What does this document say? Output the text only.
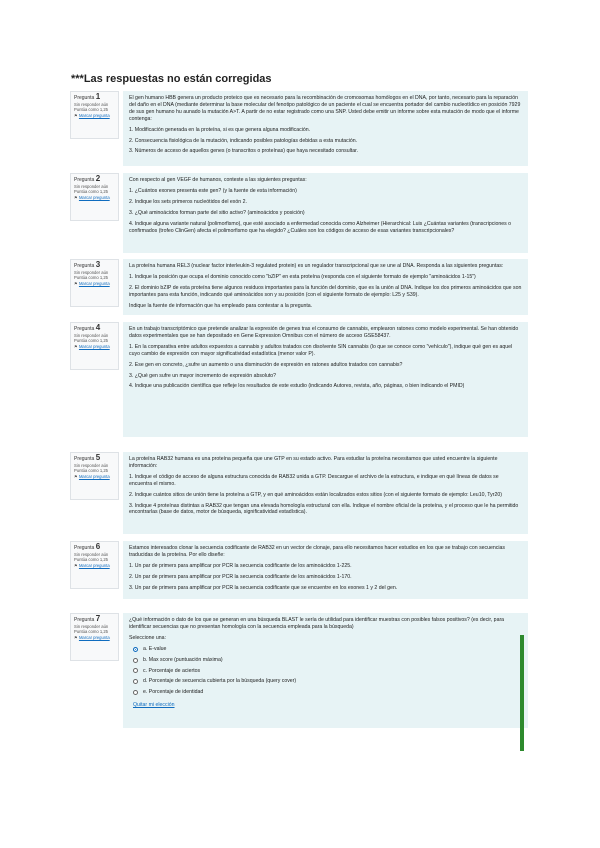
***Las respuestas no están corregidas
Pregunta 1
Sin responder aún
Puntúa como 1,25
⚑ Marcar pregunta

El gen humano HBB genera un producto proteico que es necesario para la recombinación de cromosomas homólogos en el DNA, por tanto, necesario para la reparación del daño en el DNA (mediante determinar la base molecular del fenotipo patológico de un paciente el cual se encuentra portador del cambio nucleotídico en posición 7929 de sus gen humano hu aunado la mutación A>T. A partir de no estar registrado como una SNP. Usted debe emitir un informe sobre esta mutación de modo que el informe contenga:

1. Modificación generada en la proteína, si es que genera alguna modificación.

2. Consecuencia fisiológica de la mutación, indicando posibles patologías debidas a esta mutación.

3. Números de acceso de aquellos genes (o transcritos o proteínas) que haya necesitado consultar.

Pregunta 2
Sin responder aún
Puntúa como 1,25
⚑ Marcar pregunta

Con respecto al gen VEGF de humanos, conteste a las siguientes preguntas:

1. ¿Cuántos exones presenta este gen? (y la fuente de esta información)

2. Indique los sets primeros nucleótidos del exón 2.

3. ¿Qué aminoácidos forman parte del sitio activo? (aminoácidos y posición)

4. Indique alguna variante natural (polimorfismo), que esté asociado a enfermedad conocida como Alzheimer (Hierarchical: Luis ¿Cuántas variantes (transcripciones o confirmados (trofeo ClinGen) afecta el polimorfismo que ha elegido? ¿Cuáles son los códigos de acceso de esas variantes transcripcionales?

Pregunta 3
Sin responder aún
Puntúa como 1,25
⚑ Marcar pregunta

La proteína humana REL3 (nuclear factor interleukin-3 regulated protein) es un regulador transcripcional que se une al DNA. Responda a las siguientes preguntas:

1. Indique la posición que ocupa el dominio conocido como "bZIP" en esta proteína (responda con el siguiente formato de ejemplo "aminoácidos 1-15")

2. El dominio bZIP de esta proteína tiene algunos residuos importantes para la función del dominio, que es la unión al DNA. Indique los dos primeros aminoácidos que son importantes para esta función, indicando qué aminoácidos son y su posición (con el siguiente formato de ejemplo: L25 y S39).

Indique la fuente de información que ha empleado para contestar a la pregunta.

Pregunta 4
Sin responder aún
Puntúa como 1,25
⚑ Marcar pregunta

En un trabajo transcriptómico que pretende analizar la expresión de genes tras el consumo de cannabis, emplearon ratones como modelo experimental. Se han obtenido datos experimentales que se han depositado en Gene Expression Omnibus con el número de acceso GSE58437.

1. En la comparativa entre adultos expuestos a cannabis y adultos tratados con disolvente SIN cannabis (lo que se conoce como "vehículo"), indique qué gen es aquel cuyo cambio de expresión con mayor significatividad estadística (menor valor P).

2. Ese gen en concreto, ¿sufre un aumento o una disminución de expresión en ratones adultos tratados con cannabis?

3. ¿Qué gen sufre un mayor incremento de expresión absoluto?

4. Indique una publicación científica que refleje los resultados de este estudio (indicando Autores, revista, año, páginas, o bien indicando el PMID)

Pregunta 5
Sin responder aún
Puntúa como 1,25
⚑ Marcar pregunta

La proteína RAB32 humana es una proteína pequeña que une GTP en su estado activo. Para estudiar la proteína necesitamos que usted encuentre la siguiente información:

1. Indique el código de acceso de alguna estructura conocida de RAB32 unida a GTP. Descargue el archivo de la estructura, e indique en qué líneas de datos se encuentra el mismo.

2. Indique cuántos sitios de unión tiene la proteína a GTP, y en qué aminoácidos están localizados estos sitios (con el siguiente formato de ejemplo: Leu10, Tyr20)

3. Indique 4 proteínas distintas a RAB32 que tengan una elevada homología estructural con ella. Indique el nombre oficial de la proteína, y el proceso que le ha permitido encontrarlas (base de datos, motor de búsqueda, significatividad estadística).

Pregunta 6
Sin responder aún
Puntúa como 1,25
⚑ Marcar pregunta

Estamos interesados clonar la secuencia codificante de RAB32 en un vector de clonaje, para ello necesitamos hacer estudios en los que se trabajo con secuencias traducidas de la proteína. Por ello diseñe:

1. Un par de primers para amplificar por PCR la secuencia codificante de los aminoácidos 1-225.

2. Un par de primers para amplificar por PCR la secuencia codificante de los aminoácidos 1-170.

3. Un par de primers para amplificar por PCR la secuencia codificante que se encuentre en los exones 1 y 2 del gen.

Pregunta 7
Sin responder aún
Puntúa como 1,25
⚑ Marcar pregunta

¿Qué información o dato de los que se generan en una búsqueda BLAST le sería de utilidad para identificar muestras con posibles falsos positivos? (es decir, para identificar secuencias que no presentan homología con la secuencia empleada para la búsqueda)

Seleccione una:
a.
E-value
b.
Max score (puntuación máxima)
c.
Porcentaje de aciertos
d.
Porcentaje de secuencia cubierta por la búsqueda (query cover)
e.
Porcentaje de identidad
Quitar mi elección
